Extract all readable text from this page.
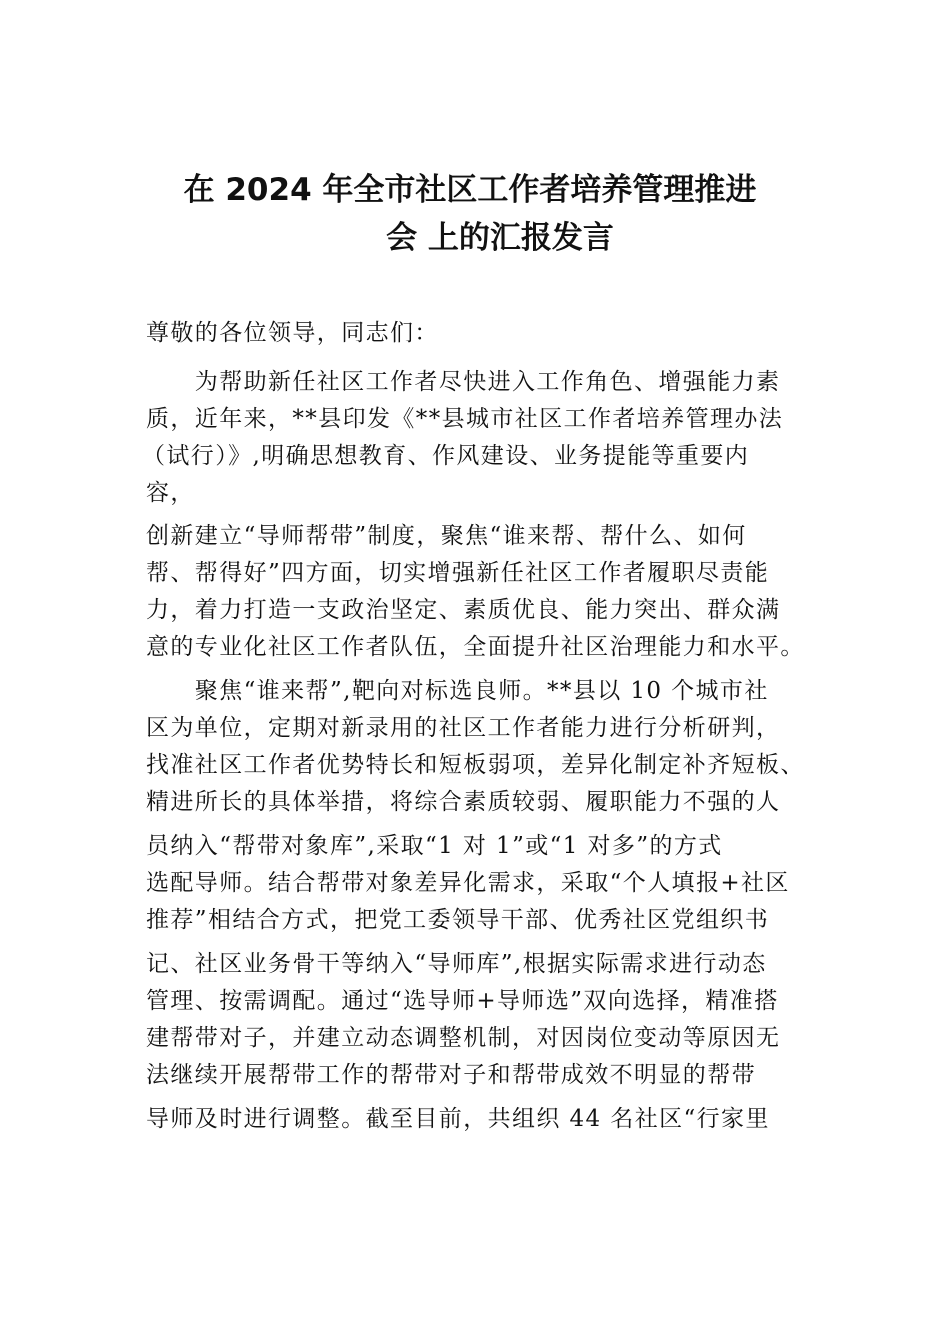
在 2024 年全市社区工作者培养管理推进
会 上的汇报发言
尊敬的各位领导，同志们：
　　为帮助新任社区工作者尽快进入工作角色、增强能力素
质，近年来，**县印发《**县城市社区工作者培养管理办法
（试行）》,明确思想教育、作风建设、业务提能等重要内
容，
创新建立“导师帮带”制度，聚焦“谁来帮、帮什么、如何
帮、帮得好”四方面，切实增强新任社区工作者履职尽责能
力，着力打造一支政治坚定、素质优良、能力突出、群众满
意的专业化社区工作者队伍，全面提升社区治理能力和水平。
　　聚焦“谁来帮”,靶向对标选良师。**县以 10 个城市社
区为单位，定期对新录用的社区工作者能力进行分析研判，
找准社区工作者优势特长和短板弱项，差异化制定补齐短板、
精进所长的具体举措，将综合素质较弱、履职能力不强的人
员纳入“帮带对象库”,采取“1 对 1”或“1 对多”的方式
选配导师。结合帮带对象差异化需求，采取“个人填报+社区
推荐”相结合方式，把党工委领导干部、优秀社区党组织书
记、社区业务骨干等纳入“导师库”,根据实际需求进行动态
管理、按需调配。通过“选导师+导师选”双向选择，精准搭
建帮带对子，并建立动态调整机制，对因岗位变动等原因无
法继续开展帮带工作的帮带对子和帮带成效不明显的帮带
导师及时进行调整。截至目前，共组织 44 名社区“行家里
